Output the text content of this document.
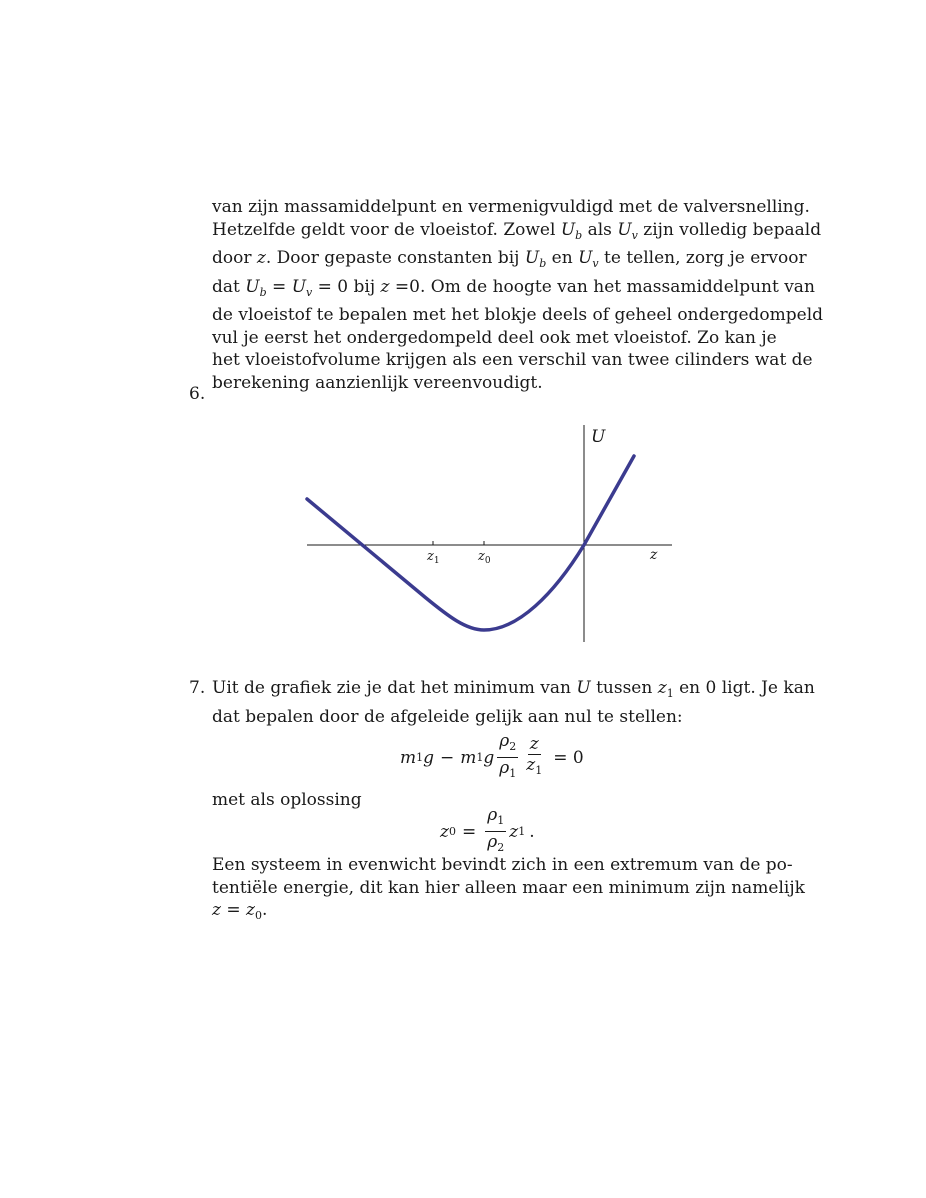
van zijn massamiddelpunt en vermenigvuldigd met de valversnelling.
Hetzelfde geldt voor de vloeistof. Zowel $U_b$ als $U_v$ zijn volledig bepaald
door z. Door gepaste constanten bij $U_b$ en $U_v$ te tellen, zorg je ervoor
dat $U_b = U_v = 0$ bij z =0. Om de hoogte van het massamiddelpunt van
de vloeistof te bepalen met het blokje deels of geheel ondergedompeld
vul je eerst het ondergedompeld deel ook met vloeistof. Zo kan je
het vloeistofvolume krijgen als een verschil van twee cilinders wat de
berekening aanzienlijk vereenvoudigt.
6.
U
z
$z_1$	$z_0$
7. Uit de grafiek zie je dat het minimum van U tussen $z_1$ en 0 ligt. Je kan
dat bepalen door de afgeleide gelijk aan nul te stellen:
m 1 g − m 1 g $\frac{\rho_2}{\rho_1} \frac{z}{z_1} = 0$
met als oplossing
z $0 = \frac{\rho_1}{\rho_2}$ z 1 .
Een systeem in evenwicht bevindt zich in een extremum van de po-
tentiële energie, dit kan hier alleen maar een minimum zijn namelijk
$z = z_0$.
